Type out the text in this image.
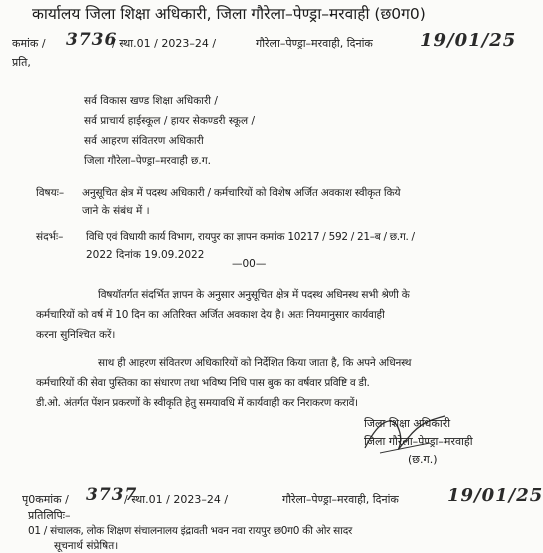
कार्यालय जिला शिक्षा अधिकारी, जिला गौरेला–पेण्ड्रा–मरवाही (छ0ग0)
कमांक / 3736
/ स्था.01 / 2023–24 /	गौरेला–पेण्ड्रा–मरवाही, दिनांक	19/01/25
प्रति,
सर्व विकास खण्ड शिक्षा अधिकारी /
सर्व प्राचार्य हाईस्कूल / हायर सेकण्डरी स्कूल /
सर्व आहरण संवितरण अधिकारी
जिला गौरेला–पेण्ड्रा–मरवाही छ.ग.
विषयः– अनुसूचित क्षेत्र में पदस्थ अधिकारी / कर्मचारियों को विशेष अर्जित अवकाश स्वीकृत किये
जाने के संबंध में ।
संदर्भः– विधि एवं विधायी कार्य विभाग, रायपुर का ज्ञापन कमांक 10217 / 592 / 21–ब / छ.ग. /
2022 दिनांक 19.09.2022
—00—
विषयॉतर्गत संदर्भित ज्ञापन के अनुसार अनुसूचित क्षेत्र में पदस्थ अधिनस्थ सभी श्रेणी के
कर्मचारियों को वर्ष में 10 दिन का अतिरिक्त अर्जित अवकाश देय है। अतः नियमानुसार कार्यवाही
करना सुनिश्चित करें।
साथ ही आहरण संवितरण अधिकारियों को निर्देशित किया जाता है, कि अपने अधिनस्थ
कर्मचारियों की सेवा पुस्तिका का संधारण तथा भविष्य निधि पास बुक का वर्षवार प्रविष्टि व डी.
डी.ओ. अंतर्गत पेंशन प्रकरणों के स्वीकृति हेतु समयावधि में कार्यवाही कर निराकरण करावें।
जिला शिक्षा अधिकारी
जिला गौरेला–पेण्ड्रा–मरवाही
(छ.ग.)
पृ0कमांक / 3737
/ स्था.01 / 2023–24 /	गौरेला–पेण्ड्रा–मरवाही, दिनांक	19/01/25
प्रतिलिपिः–
01 / संचालक, लोक शिक्षण संचालनालय इंद्रावती भवन नवा रायपुर छ0ग0 की ओर सादर
सूचनार्थ संप्रेषित।
